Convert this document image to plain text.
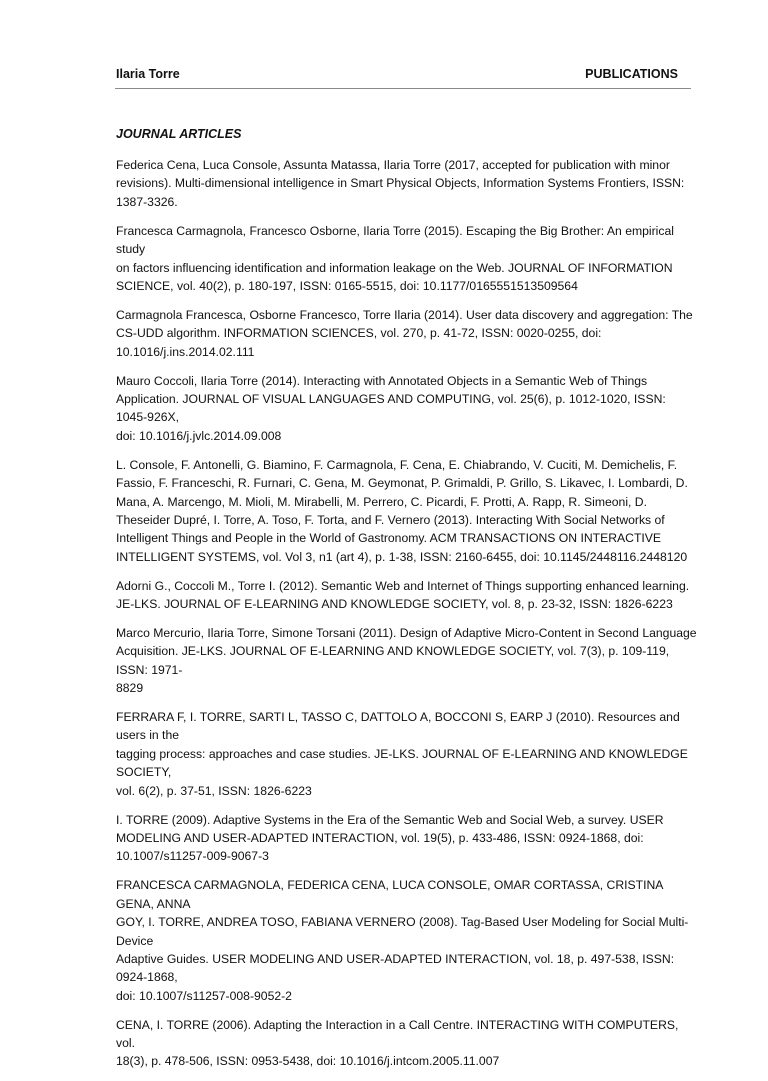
Ilaria Torre	PUBLICATIONS
JOURNAL ARTICLES
Federica Cena, Luca Console, Assunta Matassa, Ilaria Torre (2017, accepted for publication with minor
revisions). Multi-dimensional intelligence in Smart Physical Objects, Information Systems Frontiers, ISSN:
1387-3326.
Francesca Carmagnola, Francesco Osborne, Ilaria Torre (2015). Escaping the Big Brother: An empirical study
on factors influencing identification and information leakage on the Web. JOURNAL OF INFORMATION
SCIENCE, vol. 40(2), p. 180-197, ISSN: 0165-5515, doi: 10.1177/0165551513509564
Carmagnola Francesca, Osborne Francesco, Torre Ilaria (2014). User data discovery and aggregation: The
CS-UDD algorithm. INFORMATION SCIENCES, vol. 270, p. 41-72, ISSN: 0020-0255, doi:
10.1016/j.ins.2014.02.111
Mauro Coccoli, Ilaria Torre (2014). Interacting with Annotated Objects in a Semantic Web of Things
Application. JOURNAL OF VISUAL LANGUAGES AND COMPUTING, vol. 25(6), p. 1012-1020, ISSN: 1045-926X,
doi: 10.1016/j.jvlc.2014.09.008
L. Console, F. Antonelli, G. Biamino, F. Carmagnola, F. Cena, E. Chiabrando, V. Cuciti, M. Demichelis, F.
Fassio, F. Franceschi, R. Furnari, C. Gena, M. Geymonat, P. Grimaldi, P. Grillo, S. Likavec, I. Lombardi, D.
Mana, A. Marcengo, M. Mioli, M. Mirabelli, M. Perrero, C. Picardi, F. Protti, A. Rapp, R. Simeoni, D.
Theseider Dupré, I. Torre, A. Toso, F. Torta, and F. Vernero (2013). Interacting With Social Networks of
Intelligent Things and People in the World of Gastronomy. ACM TRANSACTIONS ON INTERACTIVE
INTELLIGENT SYSTEMS, vol. Vol 3, n1 (art 4), p. 1-38, ISSN: 2160-6455, doi: 10.1145/2448116.2448120
Adorni G., Coccoli M., Torre I. (2012). Semantic Web and Internet of Things supporting enhanced learning.
JE-LKS. JOURNAL OF E-LEARNING AND KNOWLEDGE SOCIETY, vol. 8, p. 23-32, ISSN: 1826-6223
Marco Mercurio, Ilaria Torre, Simone Torsani (2011). Design of Adaptive Micro-Content in Second Language
Acquisition. JE-LKS. JOURNAL OF E-LEARNING AND KNOWLEDGE SOCIETY, vol. 7(3), p. 109-119, ISSN: 1971-
8829
FERRARA F, I. TORRE, SARTI L, TASSO C, DATTOLO A, BOCCONI S, EARP J (2010). Resources and users in the
tagging process: approaches and case studies. JE-LKS. JOURNAL OF E-LEARNING AND KNOWLEDGE SOCIETY,
vol. 6(2), p. 37-51, ISSN: 1826-6223
I. TORRE (2009). Adaptive Systems in the Era of the Semantic Web and Social Web, a survey. USER
MODELING AND USER-ADAPTED INTERACTION, vol. 19(5), p. 433-486, ISSN: 0924-1868, doi:
10.1007/s11257-009-9067-3
FRANCESCA CARMAGNOLA, FEDERICA CENA, LUCA CONSOLE, OMAR CORTASSA, CRISTINA GENA, ANNA
GOY, I. TORRE, ANDREA TOSO, FABIANA VERNERO (2008). Tag-Based User Modeling for Social Multi-Device
Adaptive Guides. USER MODELING AND USER-ADAPTED INTERACTION, vol. 18, p. 497-538, ISSN: 0924-1868,
doi: 10.1007/s11257-008-9052-2
CENA, I. TORRE (2006). Adapting the Interaction in a Call Centre. INTERACTING WITH COMPUTERS, vol.
18(3), p. 478-506, ISSN: 0953-5438, doi: 10.1016/j.intcom.2005.11.007
